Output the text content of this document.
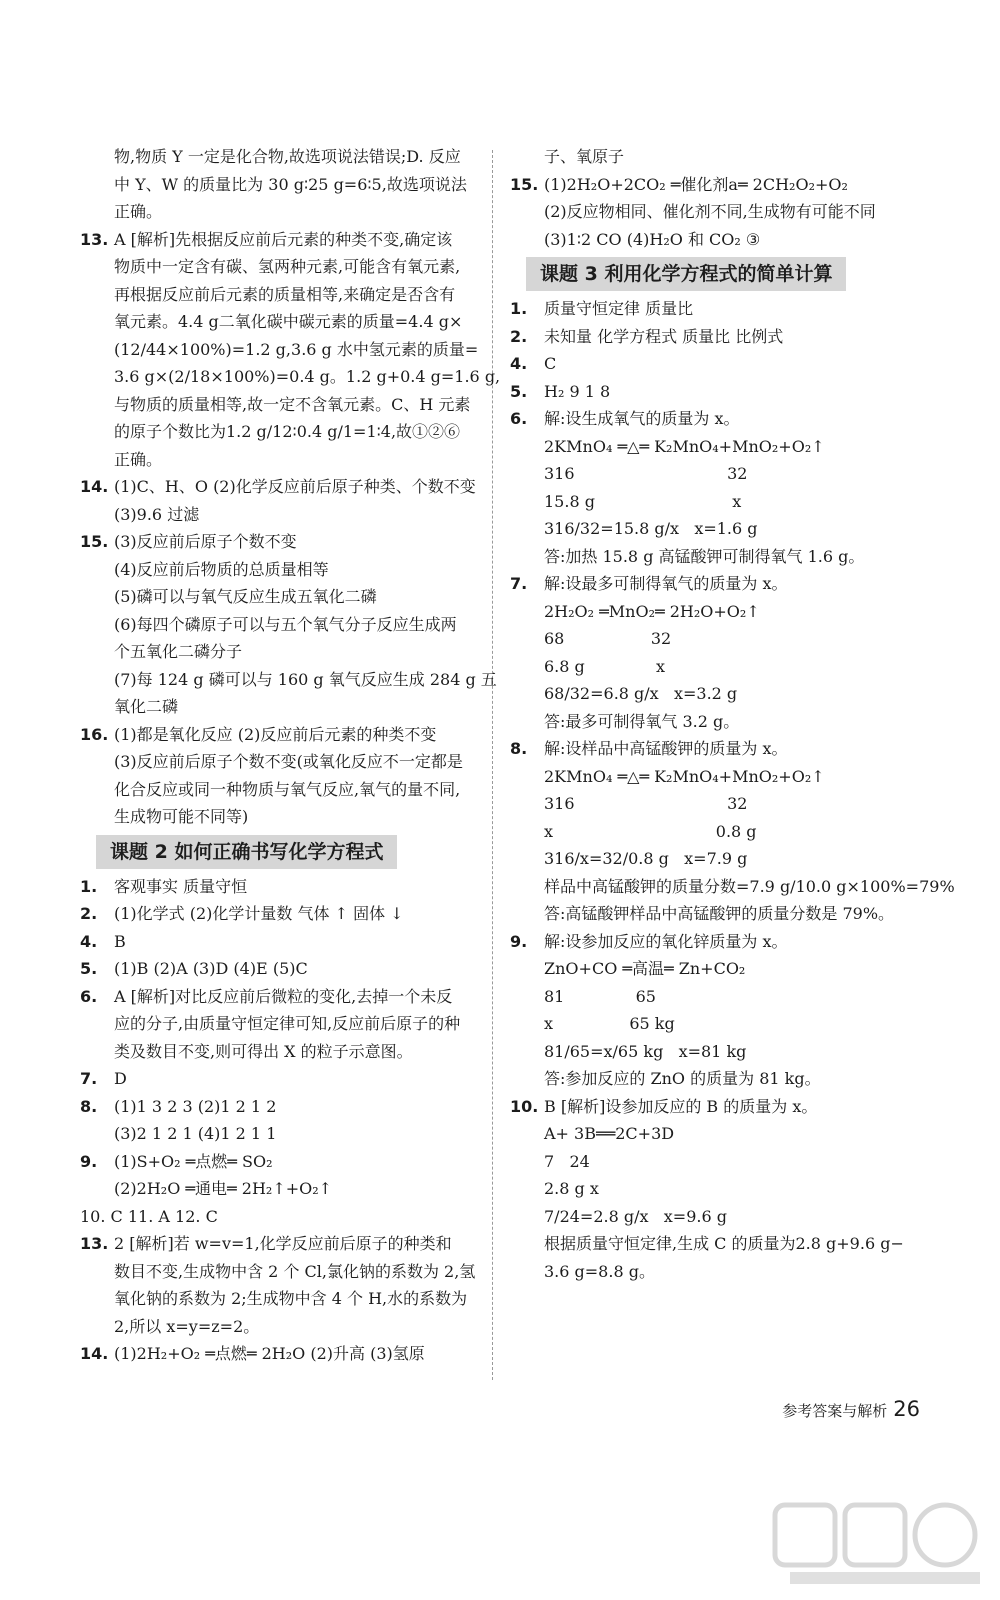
物,物质 Y 一定是化合物,故选项说法错误;D. 反应
中 Y、W 的质量比为 30 g∶25 g=6∶5,故选项说法
正确。
13. A [解析]先根据反应前后元素的种类不变,确定该
物质中一定含有碳、氢两种元素,可能含有氧元素,
再根据反应前后元素的质量相等,来确定是否含有
氧元素。4.4 g二氧化碳中碳元素的质量=4.4 g×
(12/44×100%)=1.2 g,3.6 g 水中氢元素的质量=
3.6 g×(2/18×100%)=0.4 g。1.2 g+0.4 g=1.6 g,
与物质的质量相等,故一定不含氧元素。C、H 元素
的原子个数比为1.2 g/12∶0.4 g/1=1∶4,故①②⑥
正确。
14. (1)C、H、O (2)化学反应前后原子种类、个数不变
(3)9.6 过滤
15. (3)反应前后原子个数不变
(4)反应前后物质的总质量相等
(5)磷可以与氧气反应生成五氧化二磷
(6)每四个磷原子可以与五个氧气分子反应生成两
个五氧化二磷分子
(7)每 124 g 磷可以与 160 g 氧气反应生成 284 g 五
氧化二磷
16. (1)都是氧化反应 (2)反应前后元素的种类不变
(3)反应前后原子个数不变(或氧化反应不一定都是
化合反应或同一种物质与氧气反应,氧气的量不同,
生成物可能不同等)
课题 2 如何正确书写化学方程式
1. 客观事实 质量守恒
2. (1)化学式 (2)化学计量数 气体 ↑ 固体 ↓
4. B
5. (1)B (2)A (3)D (4)E (5)C
6. A [解析]对比反应前后微粒的变化,去掉一个未反
应的分子,由质量守恒定律可知,反应前后原子的种
类及数目不变,则可得出 X 的粒子示意图。
7. D
8. (1)1 3 2 3 (2)1 2 1 2
(3)2 1 2 1 (4)1 2 1 1
9. (1)S+O₂ ═点燃═ SO₂
(2)2H₂O ═通电═ 2H₂↑+O₂↑
10. C 11. A 12. C
13. 2 [解析]若 w=v=1,化学反应前后原子的种类和
数目不变,生成物中含 2 个 Cl,氯化钠的系数为 2,氢
氧化钠的系数为 2;生成物中含 4 个 H,水的系数为
2,所以 x=y=z=2。
14. (1)2H₂+O₂ ═点燃═ 2H₂O (2)升高 (3)氢原
子、氧原子
15. (1)2H₂O+2CO₂ ═催化剂a═ 2CH₂O₂+O₂
(2)反应物相同、催化剂不同,生成物有可能不同
(3)1∶2 CO (4)H₂O 和 CO₂ ③
课题 3 利用化学方程式的简单计算
1. 质量守恒定律 质量比
2. 未知量 化学方程式 质量比 比例式
4. C
5. H₂ 9 1 8
6. 解:设生成氧气的质量为 x。
2KMnO₄ ═△═ K₂MnO₄+MnO₂+O₂↑
316                              32
15.8 g                           x
316/32=15.8 g/x   x=1.6 g
答:加热 15.8 g 高锰酸钾可制得氧气 1.6 g。
7. 解:设最多可制得氧气的质量为 x。
2H₂O₂ ═MnO₂═ 2H₂O+O₂↑
68                 32
6.8 g              x
68/32=6.8 g/x   x=3.2 g
答:最多可制得氧气 3.2 g。
8. 解:设样品中高锰酸钾的质量为 x。
2KMnO₄ ═△═ K₂MnO₄+MnO₂+O₂↑
316                              32
x                                0.8 g
316/x=32/0.8 g   x=7.9 g
样品中高锰酸钾的质量分数=7.9 g/10.0 g×100%=79%
答:高锰酸钾样品中高锰酸钾的质量分数是 79%。
9. 解:设参加反应的氧化锌质量为 x。
ZnO+CO ═高温═ Zn+CO₂
81              65
x               65 kg
81/65=x/65 kg   x=81 kg
答:参加反应的 ZnO 的质量为 81 kg。
10. B [解析]设参加反应的 B 的质量为 x。
A+ 3B══2C+3D
7   24
2.8 g x
7/24=2.8 g/x   x=9.6 g
根据质量守恒定律,生成 C 的质量为2.8 g+9.6 g−
3.6 g=8.8 g。
参考答案与解析 26
